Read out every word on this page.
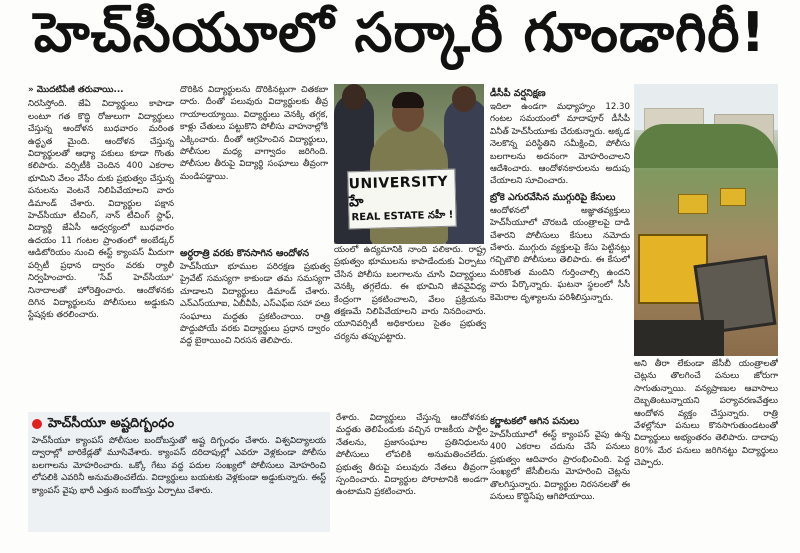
హెచ్‌సీయూలో సర్కారీ గూండాగిరీ!
» మొదటిపేజీ తరువాయి...

నిరసిస్తోంది. జేఏ విద్యార్థులు కాపాడా లంటూ గత కొద్ది రోజులుగా విద్యార్థులు చేస్తున్న ఆందోళన బుధవారం మరింత ఉద్ధృత మైంది. ఆందోళన చేస్తున్న విద్యార్థులతో ఆధ్యా పకులు కూడా గొంతు కలిపారు. వర్సిటీకి చెందిన 400 ఎకరాల భూమిని వేలం వేసేం దుకు ప్రభుత్వం చేస్తున్న పనులను వెంటనే నిలిపివేయాలని వారు డిమాండ్ చేశారు. విద్యార్థుల పక్షాన హెచ్‌సీయూ టీచింగ్, నాన్ టీచింగ్ స్టాఫ్, విద్యార్థి జేఏసీ ఆధ్వర్యంలో బుధవారం ఉదయం 11 గంటల ప్రాంతంలో అంబేడ్కర్ ఆడిటోరియం నుంచి ఈస్ట్ క్యాంపస్ మీదుగా పర్సిటీ ప్రధాన ద్వారం వరకు ర్యాలీ నిర్వహించారు. 'సేవ్ హెచ్‌సీయూ' నినాదాలతో హోరెత్తించారు. ఆందోళనకు దిగిన విద్యార్థులను పోలీసులు అడ్డుకుని స్టేషన్లకు తరలించారు.

దొరికిన విద్యార్థులను దొరికినట్లుగా చితకబా దారు. దీంతో పలువురు విద్యార్థులకు తీవ్ర గాయాలయ్యాయి. విద్యార్థులు వెనక్కి తగ్గక, కాళ్లు చేతులు పట్టుకొని పోలీసు వాహనాల్లోకి ఎక్కించారు. దీంతో ఆగ్రహించిన విద్యార్థులు, పోలీసుల మధ్య వాగ్వాదం జరిగింది. పోలీసుల తీరుపై విద్యార్థి సంఘాలు తీవ్రంగా మండిపడ్డాయి.

అర్ధరాత్రి వరకు కొనసాగిన ఆందోళన

హెచ్‌సీయూ భూముల పరిరక్షణ ప్రభుత్వ ప్రైవేట్ సమస్యగా కాకుండా తమ సమస్యగా చూడాలని విద్యార్థులు డిమాండ్ చేశారు. ఎన్‌ఎస్‌యూఐ, ఏబీవీపీ, ఎస్‌ఎఫ్‌ఐ సహా పలు సంఘాలు మద్దతు ప్రకటించాయి. రాత్రి పొద్దుపోయే వరకు విద్యార్థులు ప్రధాన ద్వారం వద్ద బైఠాయించి నిరసన తెలిపారు.

యంలో ఉద్యమానికి నాంది పలికారు. రాష్ట్ర ప్రభుత్వం భూములను కాపాడేందుకు ఏర్పాటు చేసిన పోలీసు బలగాలను చూసి విద్యార్థులు వెనక్కి తగ్గలేదు. ఈ భూమిని జీవవైవిధ్య కేంద్రంగా ప్రకటించాలని, వేలం ప్రక్రియను తక్షణమే నిలిపివేయాలని వారు నినదించారు. యూనివర్సిటీ అధికారులు సైతం ప్రభుత్వ చర్యను తప్పుపట్టారు.

UNIVERSITY హే
REAL ESTATE నహీ !
డీసీపీ వర్షనిక్షణ

ఇదిలా ఉండగా మధ్యాహ్నం 12.30 గంటల సమయంలో మాదాపూర్ డీసీపీ వినీత్ హెచ్‌సీయూకు చేరుకున్నారు. అక్కడ నెలకొన్న పరిస్థితిని సమీక్షించి, పోలీసు బలగాలను అదనంగా మోహరించాలని ఆదేశించారు. ఆందోళనకారులను అదుపు చేయాలని సూచించారు.

బ్రోకె ఎగురవేసిన ముగ్గురిపై కేసులు

ఆందోళనలో అజ్ఞాతవ్యక్తులు హెచ్‌సీయూలో చొరబడి యంత్రాలపై దాడి చేశారని పోలీసులు కేసులు నమోదు చేశారు. ముగ్గురు వ్యక్తులపై కేసు పెట్టినట్లు గచ్చిబౌలి పోలీసులు తెలిపారు. ఈ కేసులో మరికొంత మందిని గుర్తించాల్సి ఉందని వారు పేర్కొన్నారు. ఘటనా స్థలంలో సీసీ కెమెరాల దృశ్యాలను పరిశీలిస్తున్నారు.

అని తీరా లేకుండా జేసీబీ యంత్రాలతో చెట్లను తొలగించే పనులు జోరుగా సాగుతున్నాయి. వన్యప్రాణుల ఆవాసాలు దెబ్బతింటున్నాయని పర్యావరణవేత్తలు ఆందోళన వ్యక్తం చేస్తున్నారు. రాత్రి వేళల్లోనూ పనులు కొనసాగుతుండటంతో విద్యార్థులు అభ్యంతరం తెలిపారు. దాదాపు 80% మేర పనులు జరిగినట్టు విద్యార్థులు చెప్పారు.

హెచ్‌సీయూ అష్టదిగ్బంధం

హెచ్‌సీయూ క్యాంపస్ పోలీసుల బందోబస్తుతో అష్ట దిగ్బంధం చేశారు. విశ్వవిద్యాలయ ద్వారాల్లో బారికేడ్లతో మూసివేశారు. క్యాంపస్ దరిదాపుల్లో ఎవరూ వెళ్లకుండా పోలీసు బలగాలను మోహరించారు. ఒక్కో గేటు వద్ద పదుల సంఖ్యలో పోలీసులు మోహరించి లోపలికి ఎవరినీ అనుమతించలేదు. విద్యార్థులు బయటకు వెళ్లకుండా అడ్డుకున్నారు. ఈస్ట్ క్యాంపస్ వైపు భారీ ఎత్తున బందోబస్తు ఏర్పాటు చేశారు.

రేశారు. విద్యార్థులు చేస్తున్న ఆందోళనకు మద్దతు తెలిపేందుకు వచ్చిన రాజకీయ పార్టీల నేతలను, ప్రజాసంఘాల ప్రతినిధులను పోలీసులు లోపలికి అనుమతించలేదు. ప్రభుత్వ తీరుపై పలువురు నేతలు తీవ్రంగా స్పందించారు. విద్యార్థుల పోరాటానికి అండగా ఉంటామని ప్రకటించారు.

కర్ణాటకలో ఆగిన పనులు

హెచ్‌సీయూలో ఈస్ట్ క్యాంపస్ వైపు ఉన్న 400 ఎకరాల చదును చేసే పనులు ప్రభుత్వం ఆదివారం ప్రారంభించింది. పెద్ద సంఖ్యలో జేసీబీలను మోహరించి చెట్లను తొలగిస్తున్నారు. విద్యార్థుల నిరసనలతో ఈ పనులు కొద్దిసేపు ఆగిపోయాయి.
